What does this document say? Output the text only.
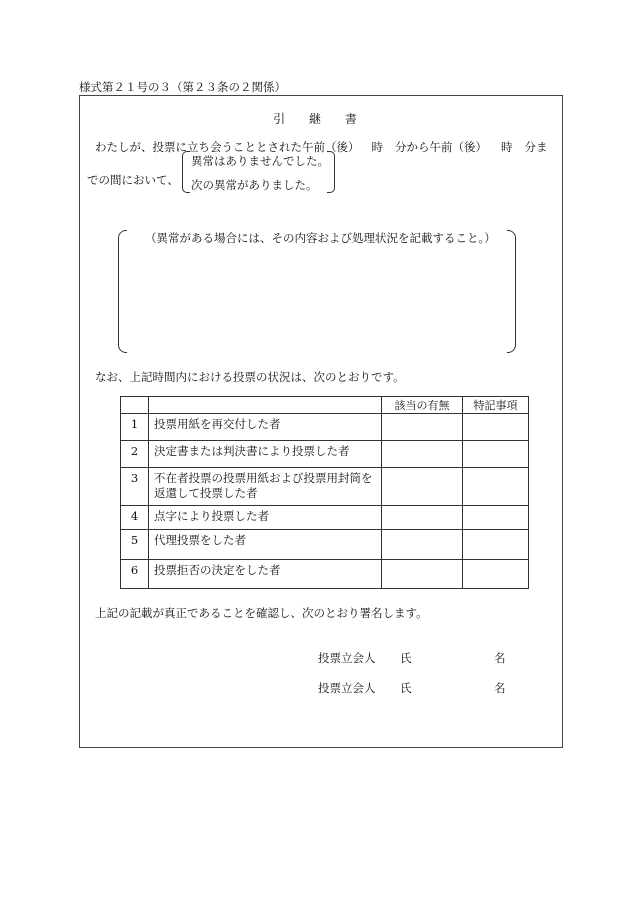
様式第２１号の３（第２３条の２関係）
引 継 書
わたしが、投票に立ち会うこととされた午前（後） 時 分から午前（後） 時 分ま
での間において、
異常はありませんでした。
次の異常がありました。
（異常がある場合には、その内容および処理状況を記載すること。）
なお、上記時間内における投票の状況は、次のとおりです。
		該当の有無	特記事項
1	投票用紙を再交付した者		
2	決定書または判決書により投票した者		
3	不在者投票の投票用紙および投票用封筒を返還して投票した者		
4	点字により投票した者		
5	代理投票をした者		
6	投票拒否の決定をした者		
上記の記載が真正であることを確認し、次のとおり署名します。
投票立会人 氏	名
投票立会人 氏	名
